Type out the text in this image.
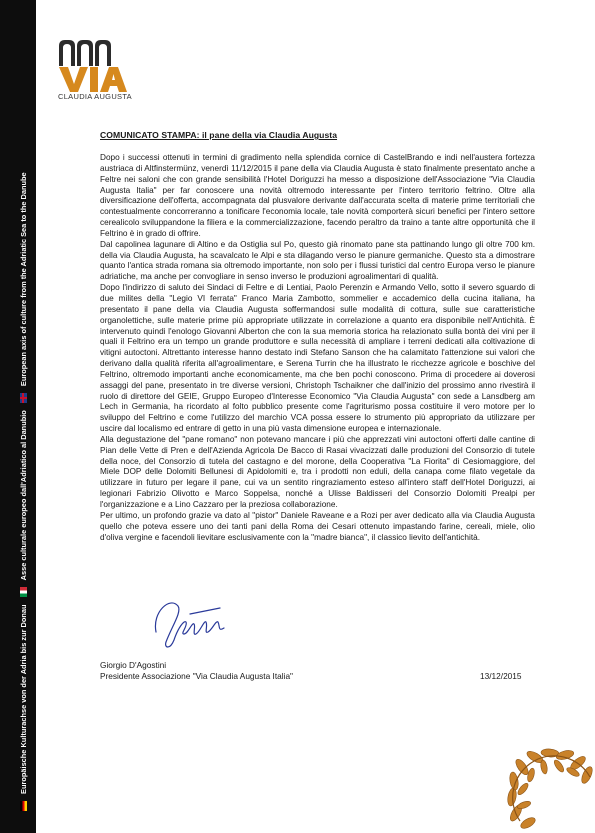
Europäische Kulturachse von der Adria bis zur Donau  Asse culturale europeo dall'Adriatico al Danubio  European axis of culture from the Adriatic Sea to the Danube
CLAUDIA AUGUSTA
COMUNICATO STAMPA: il pane della via Claudia Augusta

Dopo i successi ottenuti in termini di gradimento nella splendida cornice di CastelBrando e indi nell'austera fortezza austriaca di Altfinstermünz, venerdì 11/12/2015 il pane della via Claudia Augusta è stato finalmente presentato anche a Feltre nei saloni che con grande sensibilità l'Hotel Doriguzzi ha messo a disposizione dell'Associazione "Via Claudia Augusta Italia" per far conoscere una novità oltremodo interessante per l'intero territorio feltrino. Oltre alla diversificazione dell'offerta, accompagnata dal plusvalore derivante dall'accurata scelta di materie prime territoriali che contestualmente concorreranno a tonificare l'economia locale, tale novità comporterà sicuri benefici per l'intero settore cerealicolo sviluppandone la filiera e la commercializzazione, facendo peraltro da traino a tante altre opportunità che il Feltrino è in grado di offrire.

Dal capolinea lagunare di Altino e da Ostiglia sul Po, questo già rinomato pane sta pattinando lungo gli oltre 700 km. della via Claudia Augusta, ha scavalcato le Alpi e sta dilagando verso le pianure germaniche. Questo sta a dimostrare quanto l'antica strada romana sia oltremodo importante, non solo per i flussi turistici dal centro Europa verso le pianure adriatiche, ma anche per convogliare in senso inverso le produzioni agroalimentari di qualità.

Dopo l'indirizzo di saluto dei Sindaci di Feltre e di Lentiai, Paolo Perenzin e Armando Vello, sotto il severo sguardo di due milites della "Legio VI ferrata" Franco Maria Zambotto, sommelier e accademico della cucina italiana, ha presentato il pane della via Claudia Augusta soffermandosi sulle modalità di cottura, sulle sue caratteristiche organolettiche, sulle materie prime più appropriate utilizzate in correlazione a quanto era disponibile nell'Antichità. È intervenuto quindi l'enologo Giovanni Alberton che con la sua memoria storica ha relazionato sulla bontà dei vini per il quali il Feltrino era un tempo un grande produttore e sulla necessità di ampliare i terreni dedicati alla coltivazione di vitigni autoctoni. Altrettanto interesse hanno destato indi Stefano Sanson che ha calamitato l'attenzione sui valori che derivano dalla qualità riferita all'agroalimentare, e Serena Turrin che ha illustrato le ricchezze agricole e boschive del Feltrino, oltremodo importanti anche economicamente, ma che ben pochi conoscono. Prima di procedere ai doverosi assaggi del pane, presentato in tre diverse versioni, Christoph Tschaikner che dall'inizio del prossimo anno rivestirà il ruolo di direttore del GEIE, Gruppo Europeo d'Interesse Economico "Via Claudia Augusta" con sede a Lansdberg am Lech in Germania, ha ricordato al folto pubblico presente come l'agriturismo possa costituire il vero motore per lo sviluppo del Feltrino e come l'utilizzo del marchio VCA possa essere lo strumento più appropriato da utilizzare per uscire dal localismo ed entrare di getto in una più vasta dimensione europea e internazionale.

Alla degustazione del "pane romano" non potevano mancare i più che apprezzati vini autoctoni offerti dalle cantine di Pian delle Vette di Pren e dell'Azienda Agricola De Bacco di Rasai vivacizzati dalle produzioni del Consorzio di tutele della noce, del Consorzio di tutela del castagno e del morone, della Cooperativa "La Fiorita" di Cesiomaggiore, del Miele DOP delle Dolomiti Bellunesi di Apidolomiti e, tra i prodotti non eduli, della canapa come filato vegetale da utilizzare in futuro per legare il pane, cui va un sentito ringraziamento esteso all'intero staff dell'Hotel Doriguzzi, ai legionari Fabrizio Olivotto e Marco Soppelsa, nonché a Ulisse Baldisseri del Consorzio Dolomiti Prealpi per l'organizzazione e a Lino Cazzaro per la preziosa collaborazione.

Per ultimo, un profondo grazie va dato al "pistor" Daniele Raveane e a Rozi per aver dedicato alla via Claudia Augusta quello che poteva essere uno dei tanti pani della Roma dei Cesari ottenuto impastando farine, cereali, miele, olio d'oliva vergine e facendoli lievitare esclusivamente con la "madre bianca", il classico lievito dell'antichità.

Giorgio D'Agostini
Presidente Associazione "Via Claudia Augusta Italia"	13/12/2015
